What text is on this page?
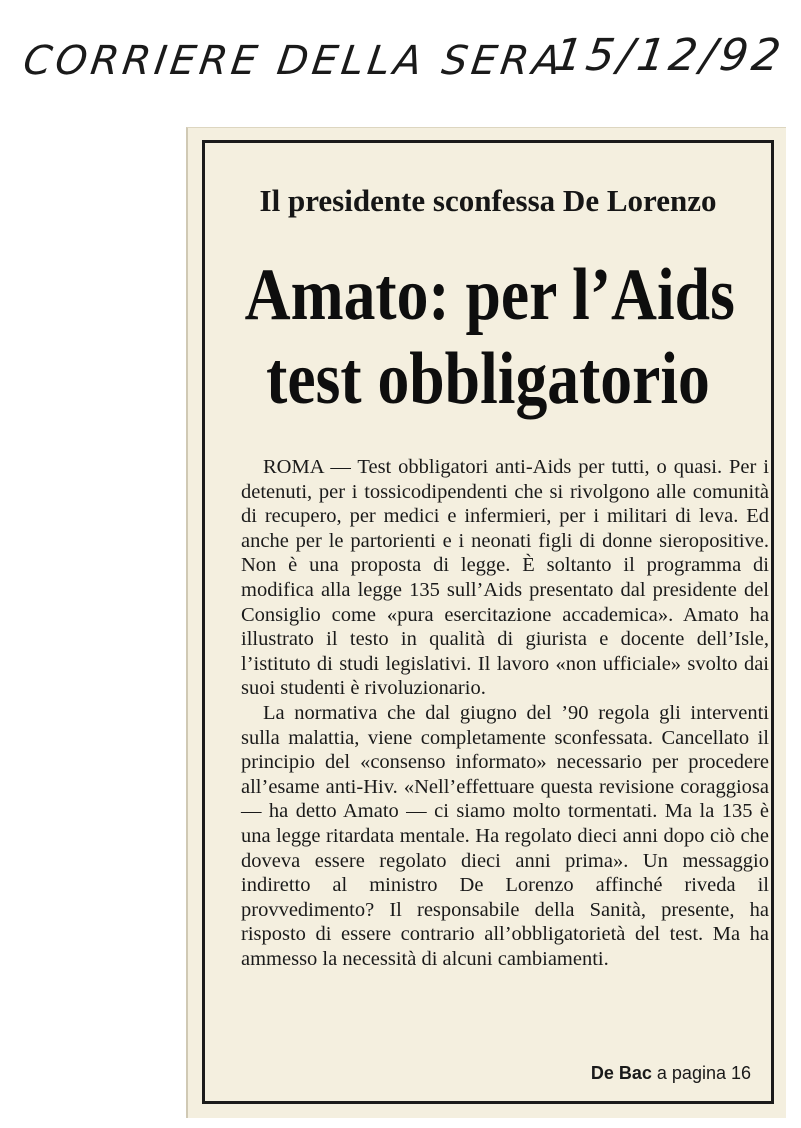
CORRIERE DELLA SERA
15/12/92
Il presidente sconfessa De Lorenzo
Amato: per l’Aids
test obbligatorio

ROMA — Test obbligatori anti-Aids per tutti, o quasi. Per i detenuti, per i tossicodipendenti che si rivolgono alle comunità di recupero, per medici e infermieri, per i militari di leva. Ed anche per le partorienti e i neonati figli di donne sieropositive. Non è una proposta di legge. È soltanto il programma di modifica alla legge 135 sull’Aids presentato dal presidente del Consiglio come «pura esercitazione accademica». Amato ha illustrato il testo in qualità di giurista e docente dell’Isle, l’istituto di studi legislativi. Il lavoro «non ufficiale» svolto dai suoi studenti è rivoluzionario.

La normativa che dal giugno del ’90 regola gli interventi sulla malattia, viene completamente sconfessata. Cancellato il principio del «consenso informato» necessario per procedere all’esame anti-Hiv. «Nell’effettuare questa revisione coraggiosa — ha detto Amato — ci siamo molto tormentati. Ma la 135 è una legge ritardata mentale. Ha regolato dieci anni dopo ciò che doveva essere regolato dieci anni prima». Un messaggio indiretto al ministro De Lorenzo affinché riveda il provvedimento? Il responsabile della Sanità, presente, ha risposto di essere contrario all’obbligatorietà del test. Ma ha ammesso la necessità di alcuni cambiamenti.

De Bac a pagina 16
